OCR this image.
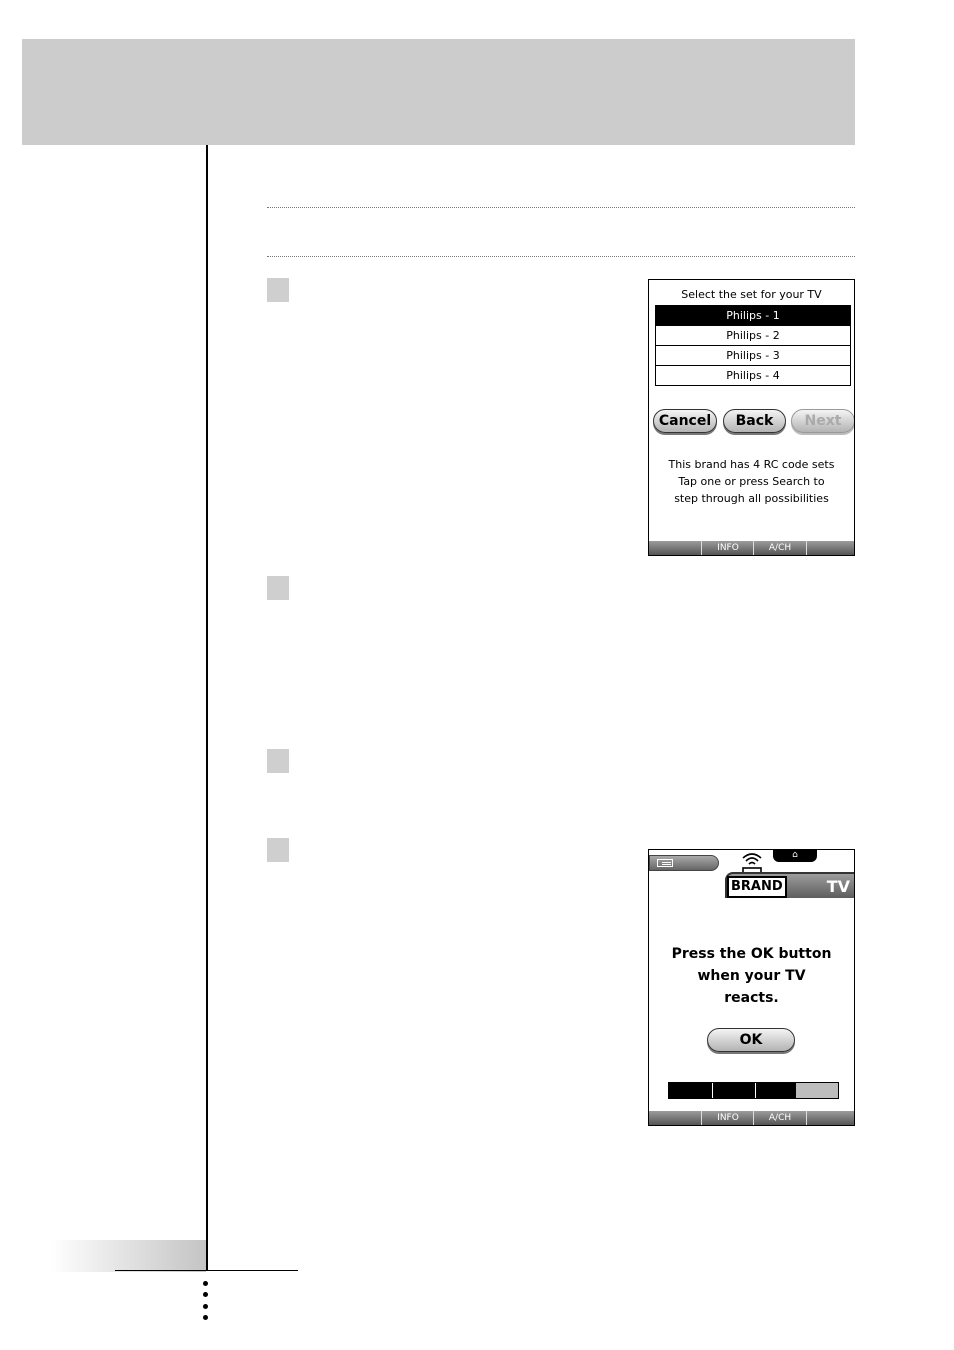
Select the set for your TV
Philips - 1
Philips - 2
Philips - 3
Philips - 4
Cancel	Back	Next
This brand has 4 RC code sets
Tap one or press Search to
step through all possibilities
INFO	A/CH
⌂
BRAND	TV
Press the OK button
when your TV
reacts.
OK
INFO	A/CH
